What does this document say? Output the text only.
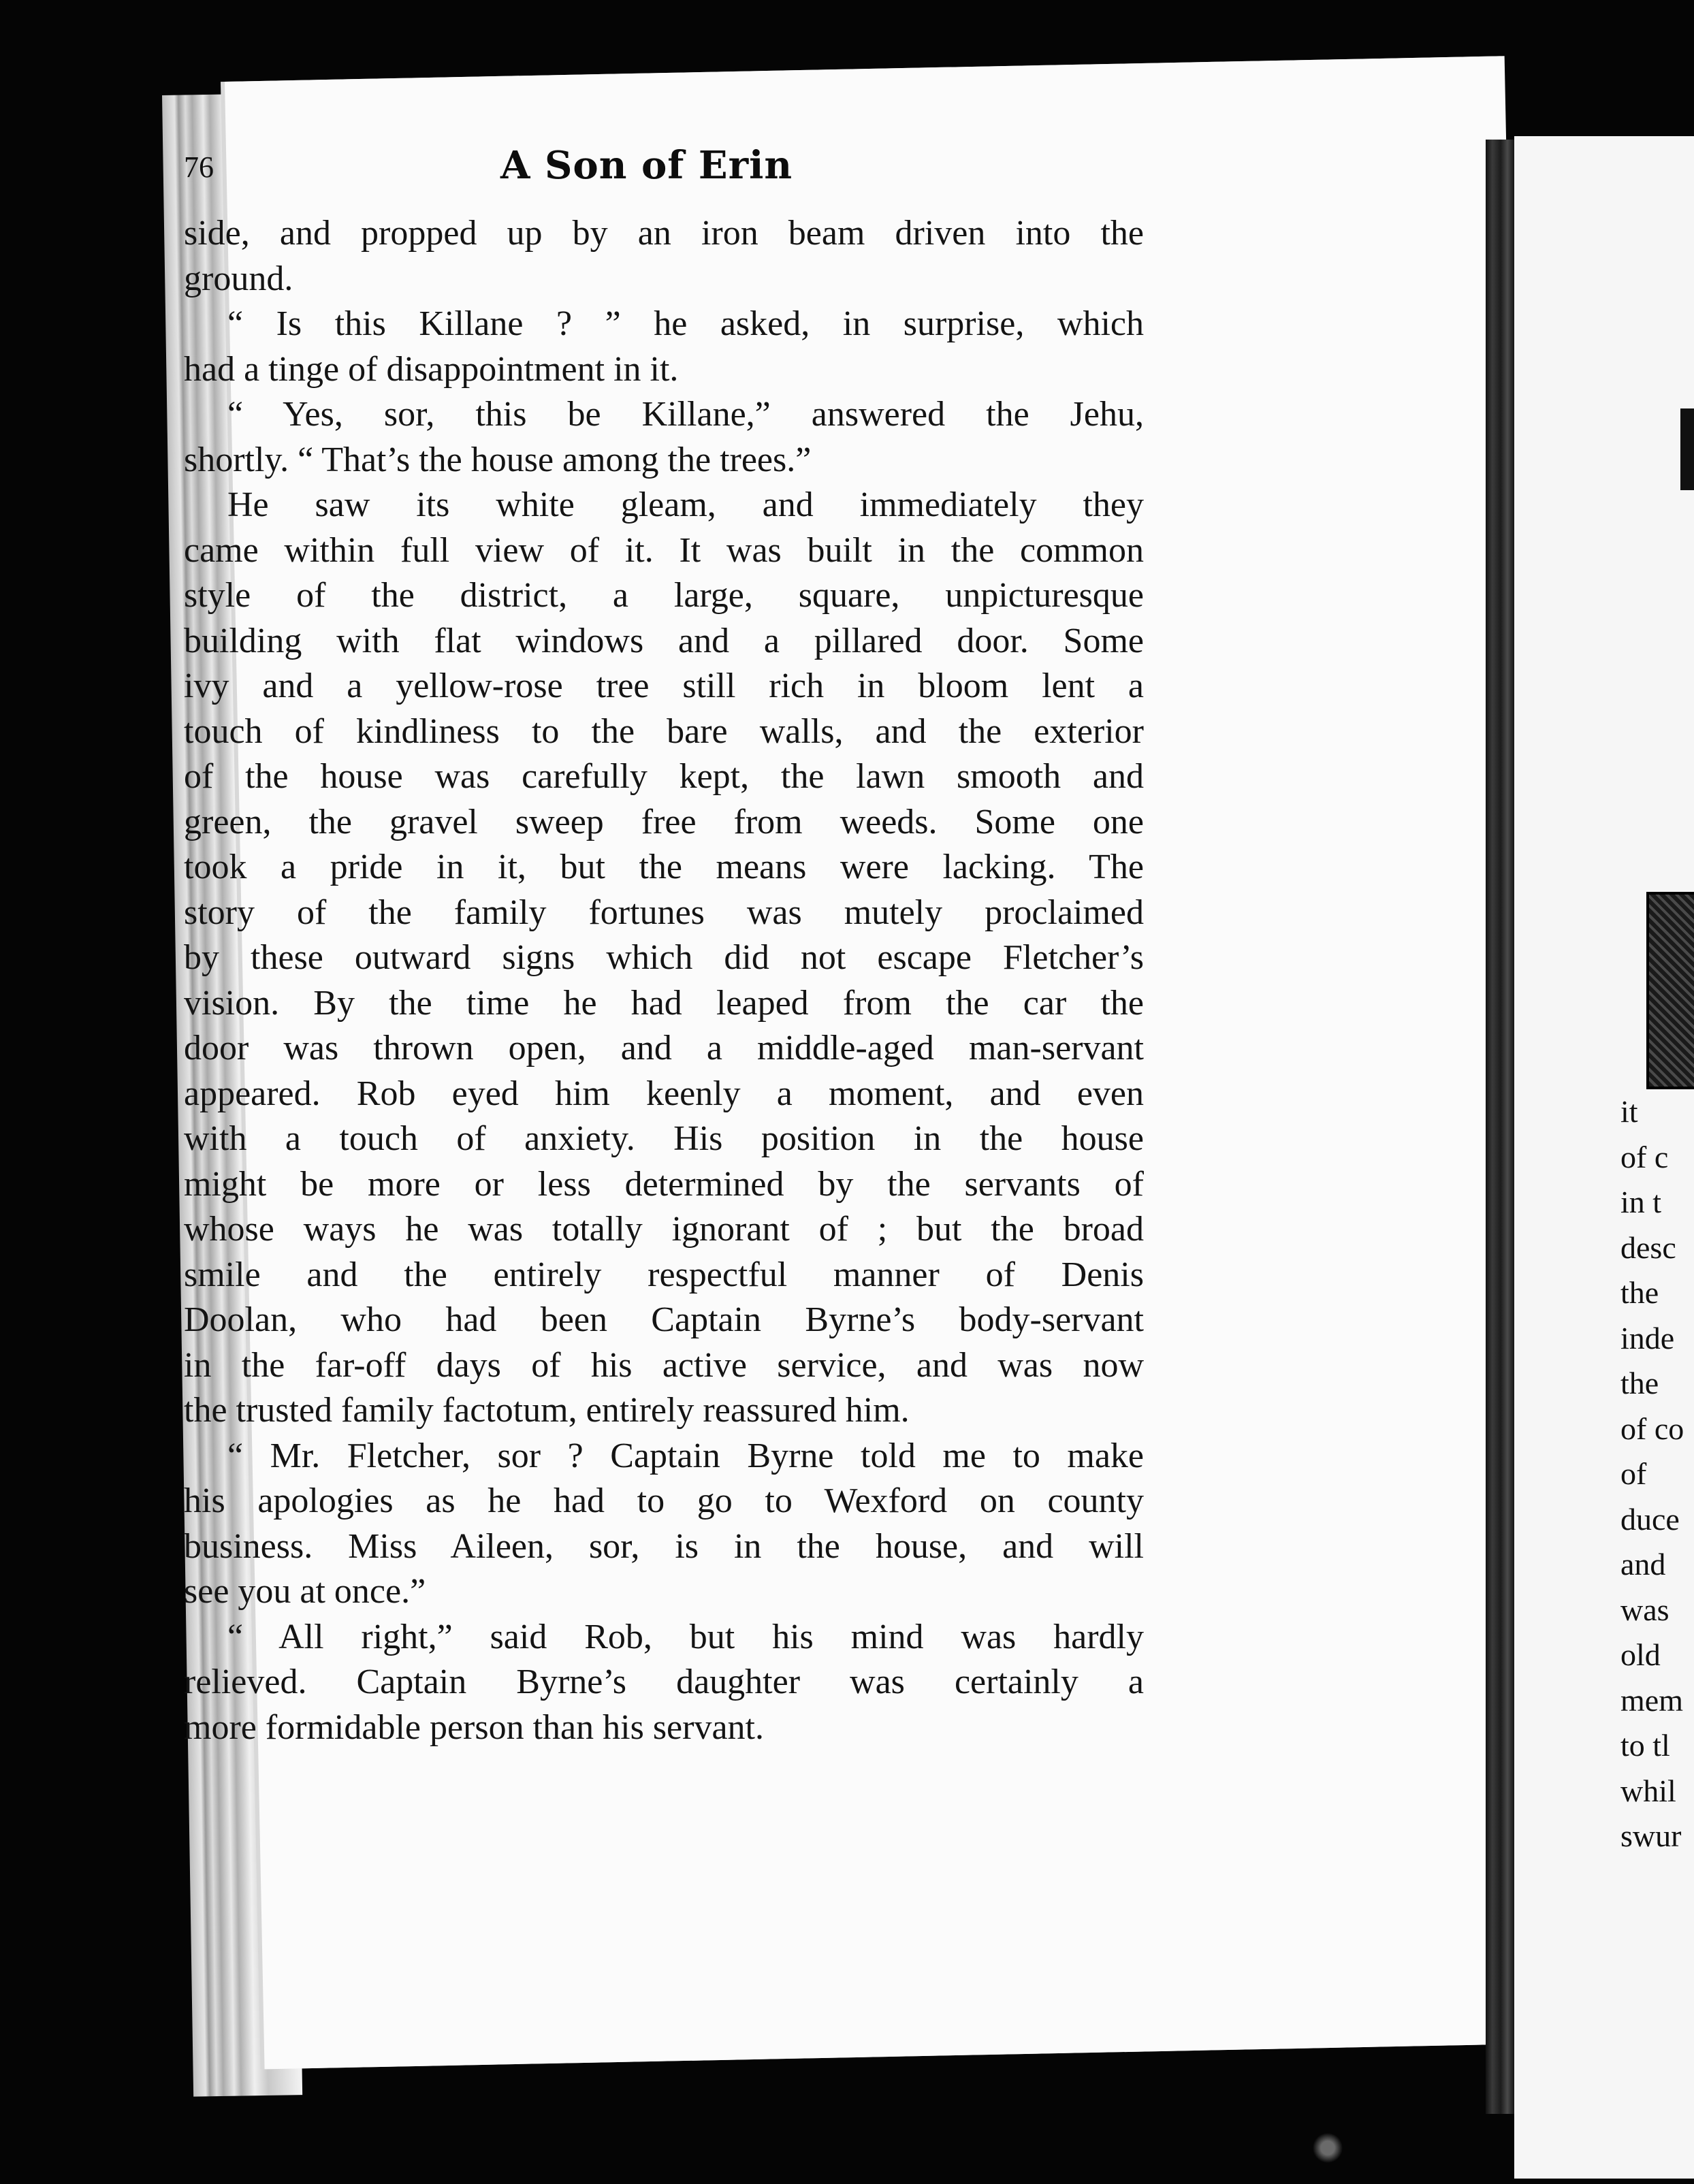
it
of c
in t
desc
the
inde
the
of co
of
duce
and
was
old
mem
to tl
whil
swur
76	A Son of Erin
side, and propped up by an iron beam driven into the
ground.
“ Is this Killane ? ” he asked, in surprise, which
had a tinge of disappointment in it.
“ Yes, sor, this be Killane,” answered the Jehu,
shortly. “ That’s the house among the trees.”
He saw its white gleam, and immediately they
came within full view of it. It was built in the common
style of the district, a large, square, unpicturesque
building with flat windows and a pillared door. Some
ivy and a yellow-rose tree still rich in bloom lent a
touch of kindliness to the bare walls, and the exterior
of the house was carefully kept, the lawn smooth and
green, the gravel sweep free from weeds. Some one
took a pride in it, but the means were lacking. The
story of the family fortunes was mutely proclaimed
by these outward signs which did not escape Fletcher’s
vision. By the time he had leaped from the car the
door was thrown open, and a middle-aged man-servant
appeared. Rob eyed him keenly a moment, and even
with a touch of anxiety. His position in the house
might be more or less determined by the servants of
whose ways he was totally ignorant of ; but the broad
smile and the entirely respectful manner of Denis
Doolan, who had been Captain Byrne’s body-servant
in the far-off days of his active service, and was now
the trusted family factotum, entirely reassured him.
“ Mr. Fletcher, sor ? Captain Byrne told me to make
his apologies as he had to go to Wexford on county
business. Miss Aileen, sor, is in the house, and will
see you at once.”
“ All right,” said Rob, but his mind was hardly
relieved. Captain Byrne’s daughter was certainly a
more formidable person than his servant.
